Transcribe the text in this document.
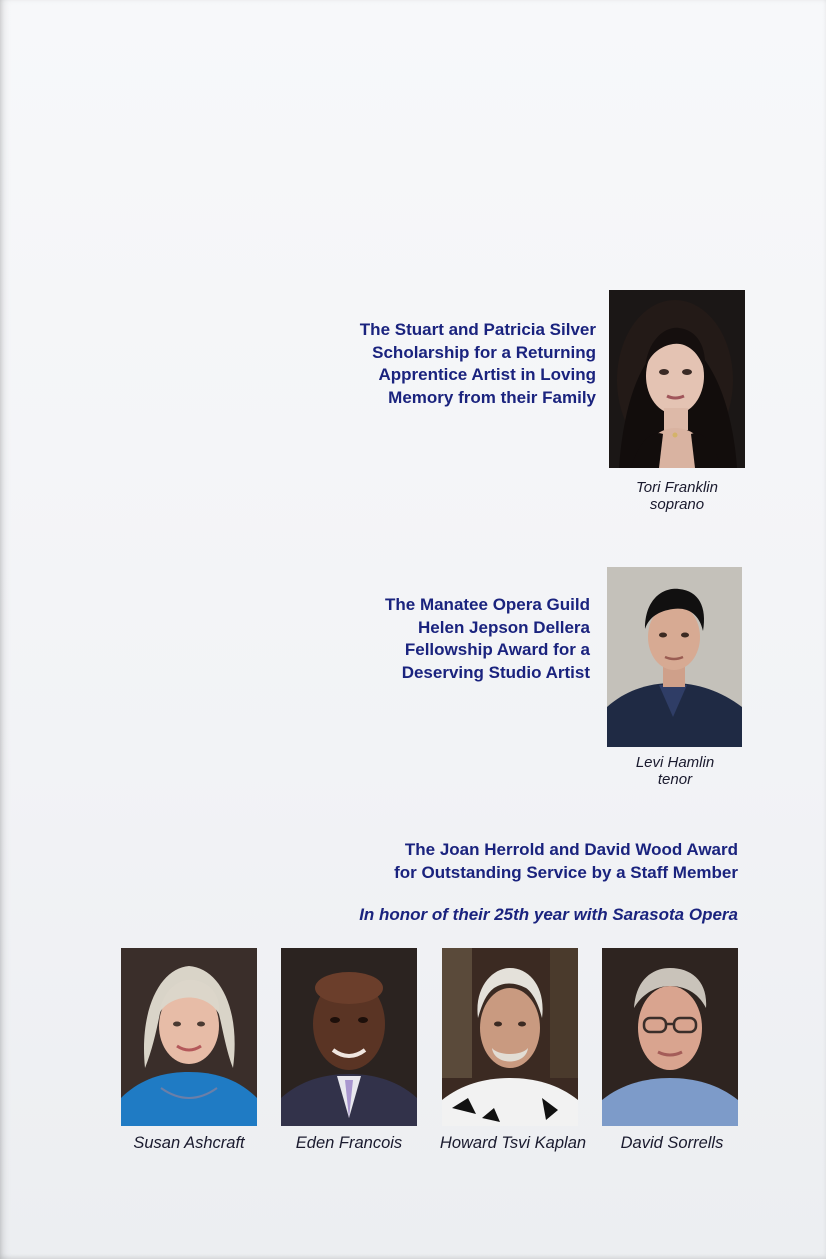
The Stuart and Patricia Silver
Scholarship for a Returning
Apprentice Artist in Loving
Memory from their Family
Tori Franklin
soprano
The Manatee Opera Guild
Helen Jepson Dellera
Fellowship Award for a
Deserving Studio Artist
Levi Hamlin
tenor
The Joan Herrold and David Wood Award
for Outstanding Service by a Staff Member
In honor of their 25th year with Sarasota Opera
Susan Ashcraft	Eden Francois	Howard Tsvi Kaplan	David Sorrells
